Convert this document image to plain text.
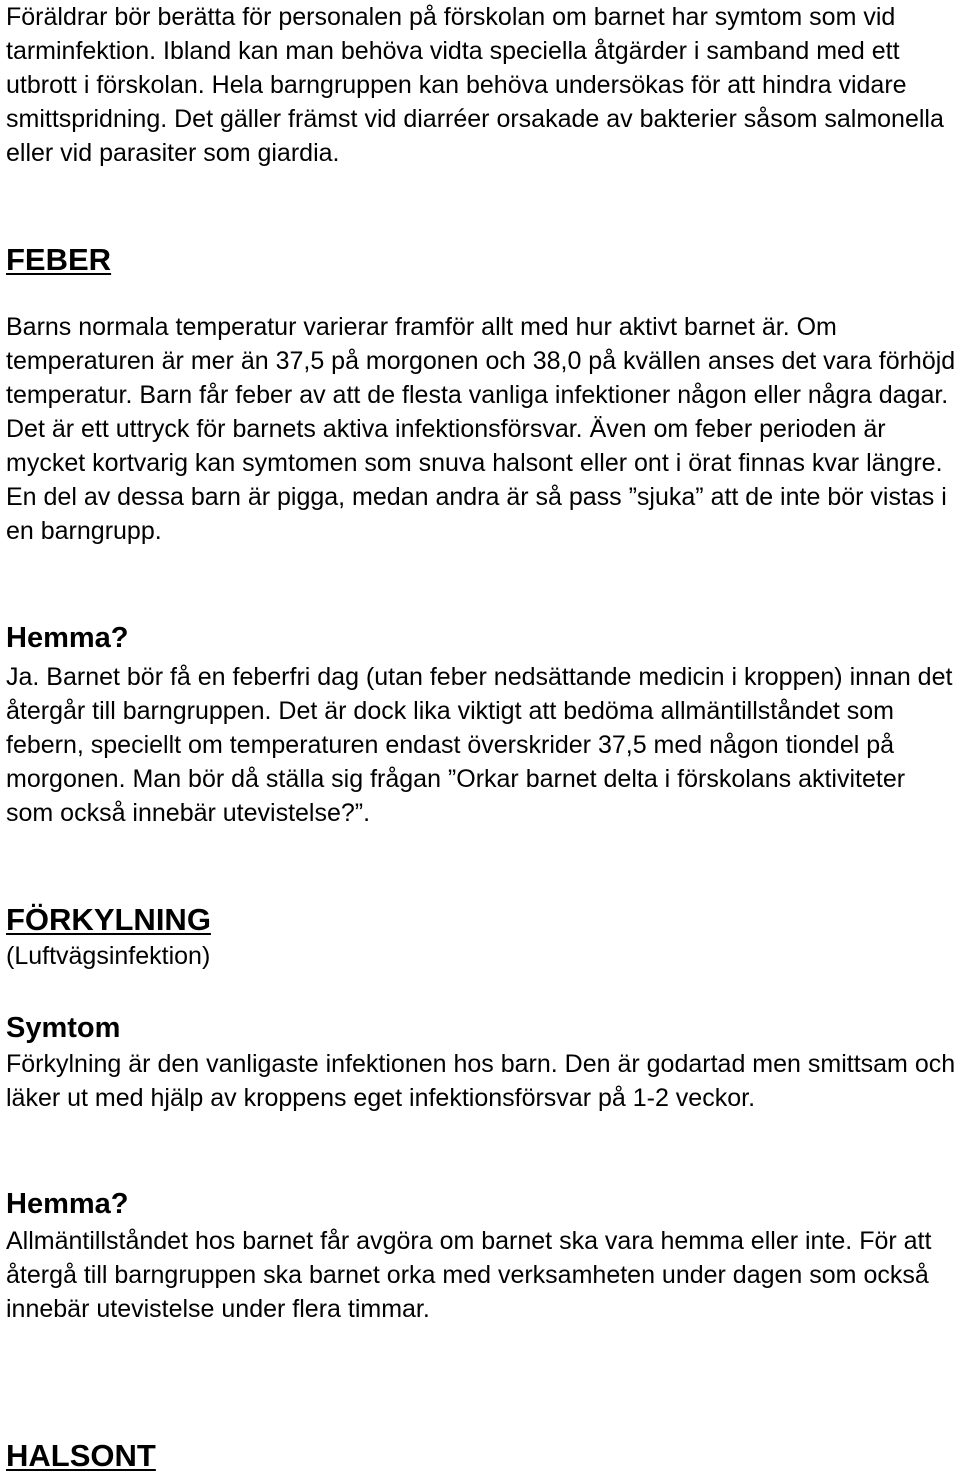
Föräldrar bör berätta för personalen på förskolan om barnet har symtom som vid tarminfektion. Ibland kan man behöva vidta speciella åtgärder i samband med ett utbrott i förskolan. Hela barngruppen kan behöva undersökas för att hindra vidare smittspridning. Det gäller främst vid diarréer orsakade av bakterier såsom salmonella eller vid parasiter som giardia.

FEBER

Barns normala temperatur varierar framför allt med hur aktivt barnet är. Om temperaturen är mer än 37,5 på morgonen och 38,0 på kvällen anses det vara förhöjd temperatur. Barn får feber av att de flesta vanliga infektioner någon eller några dagar. Det är ett uttryck för barnets aktiva infektionsförsvar. Även om feber perioden är mycket kortvarig kan symtomen som snuva halsont eller ont i örat finnas kvar längre. En del av dessa barn är pigga, medan andra är så pass ”sjuka” att de inte bör vistas i en barngrupp.

Hemma?

Ja. Barnet bör få en feberfri dag (utan feber nedsättande medicin i kroppen) innan det återgår till barngruppen. Det är dock lika viktigt att bedöma allmäntillståndet som febern, speciellt om temperaturen endast överskrider 37,5 med någon tiondel på morgonen. Man bör då ställa sig frågan ”Orkar barnet delta i förskolans aktiviteter som också innebär utevistelse?”.

FÖRKYLNING

(Luftvägsinfektion)

Symtom

Förkylning är den vanligaste infektionen hos barn. Den är godartad men smittsam och läker ut med hjälp av kroppens eget infektionsförsvar på 1-2 veckor.

Hemma?

Allmäntillståndet hos barnet får avgöra om barnet ska vara hemma eller inte. För att återgå till barngruppen ska barnet orka med verksamheten under dagen som också innebär utevistelse under flera timmar.

HALSONT
